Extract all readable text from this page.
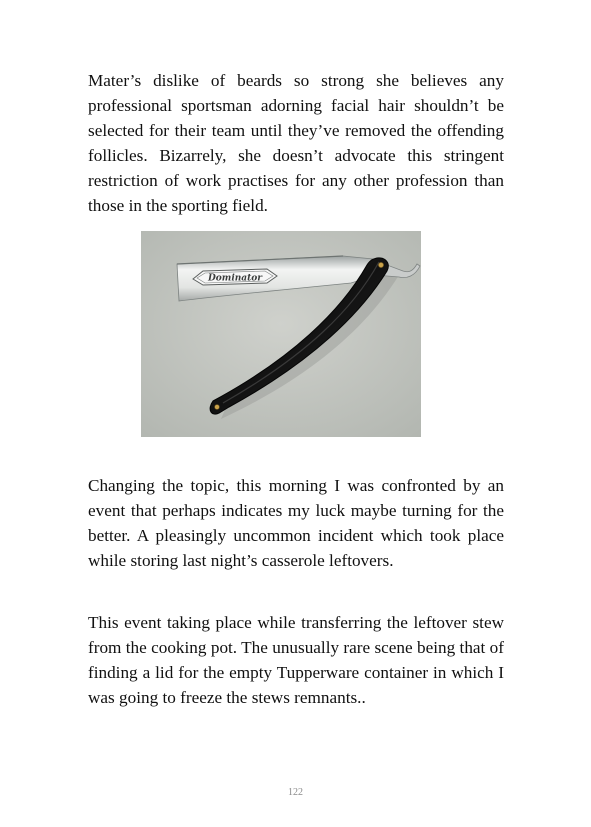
Mater’s dislike of beards so strong she believes any professional sportsman adorning facial hair shouldn’t be selected for their team until they’ve removed the offending follicles. Bizarrely, she doesn’t advocate this stringent restriction of work practises for any other profession than those in the sporting field.

Dominator

Changing the topic, this morning I was confronted by an event that perhaps indicates my luck maybe turning for the better. A pleasingly uncommon incident which took place while storing last night’s casserole leftovers.

This event taking place while transferring the leftover stew from the cooking pot. The unusually rare scene being that of finding a lid for the empty Tupperware container in which I was going to freeze the stews remnants..

122
